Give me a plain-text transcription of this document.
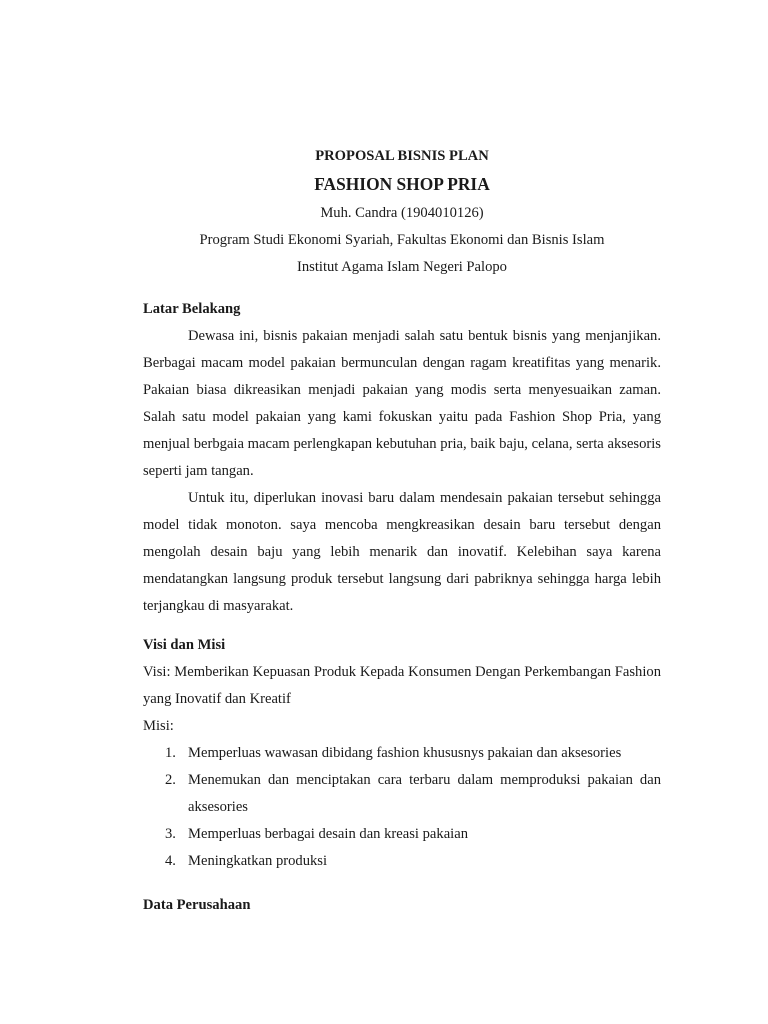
PROPOSAL BISNIS PLAN
FASHION SHOP PRIA
Muh. Candra (1904010126)
Program Studi Ekonomi Syariah, Fakultas Ekonomi dan Bisnis Islam
Institut Agama Islam Negeri Palopo
Latar Belakang

Dewasa ini, bisnis pakaian menjadi salah satu bentuk bisnis yang menjanjikan. Berbagai macam model pakaian bermunculan dengan ragam kreatifitas yang menarik. Pakaian biasa dikreasikan menjadi pakaian yang modis serta menyesuaikan zaman. Salah satu model pakaian yang kami fokuskan yaitu pada Fashion Shop Pria, yang menjual berbgaia macam perlengkapan kebutuhan pria, baik baju, celana, serta aksesoris seperti jam tangan.

Untuk itu, diperlukan inovasi baru dalam mendesain pakaian tersebut sehingga model tidak monoton. saya mencoba mengkreasikan desain baru tersebut dengan mengolah desain baju yang lebih menarik dan inovatif. Kelebihan saya karena mendatangkan langsung produk tersebut langsung dari pabriknya sehingga harga lebih terjangkau di masyarakat.

Visi dan Misi

Visi: Memberikan Kepuasan Produk Kepada Konsumen Dengan Perkembangan Fashion yang Inovatif dan Kreatif

Misi:
1. Memperluas wawasan dibidang fashion khususnys pakaian dan aksesories
2. Menemukan dan menciptakan cara terbaru dalam memproduksi pakaian dan aksesories
3. Memperluas berbagai desain dan kreasi pakaian
4. Meningkatkan produksi
Data Perusahaan
